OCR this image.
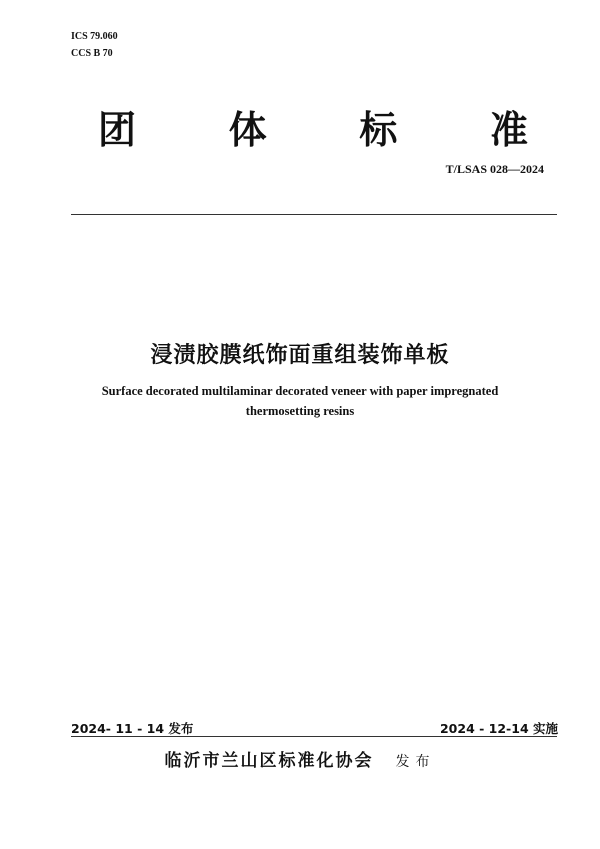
ICS 79.060
CCS B 70
团 体 标 准
T/LSAS 028—2024
浸渍胶膜纸饰面重组装饰单板
Surface decorated multilaminar decorated veneer with paper impregnated
thermosetting resins
2024- 11 - 14 发布	2024 - 12-14 实施
临沂市兰山区标准化协会 发布
